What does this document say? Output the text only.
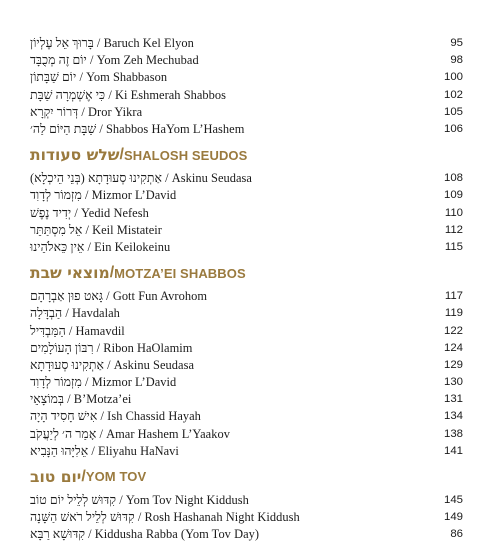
בָּרוּךְ אֵל עֶלְיוֹן / Baruch Kel Elyon	95
יוֹם זֶה מְכֻבָּד / Yom Zeh Mechubad	98
יוֹם שַׁבָּתוֹן / Yom Shabbason	100
כִּי אֶשְׁמְרָה שַׁבָּת / Ki Eshmerah Shabbos	102
דְּרוֹר יִקְרָא / Dror Yikra	105
שַׁבָּת הַיּוֹם לַה׳ / Shabbos HaYom L’Hashem	106
שלש סעודות / SHALOSH SEUDOS
אַתְקִינוּ סְעוּדָתָא (בְּנֵי הֵיכְלָא) / Askinu Seudasa	108
מִזְמוֹר לְדָוִד / Mizmor L’David	109
יְדִיד נֶפֶשׁ / Yedid Nefesh	110
אֵל מִסְתַּתֵּר / Keil Mistateir	112
אֵין כֵּאלֹהֵינוּ / Ein Keilokeinu	115
מוצאי שבת / MOTZA’EI SHABBOS
גָּאט פוּן אַבְרָהָם / Gott Fun Avrohom	117
הַבְדָּלָה / Havdalah	119
הַמַּבְדִּיל / Hamavdil	122
רִבּוֹן הָעוֹלָמִים / Ribon HaOlamim	124
אַתְקִינוּ סְעוּדָתָא / Askinu Seudasa	129
מִזְמוֹר לְדָוִד / Mizmor L’David	130
בְּמוֹצָאֵי / B’Motza’ei	131
אִישׁ חָסִיד הָיָה / Ish Chassid Hayah	134
אָמַר ה׳ לְיַעֲקֹב / Amar Hashem L’Yaakov	138
אֵלִיָּהוּ הַנָּבִיא / Eliyahu HaNavi	141
יום טוב / YOM TOV
קִדּוּשׁ לְלֵיל יוֹם טוֹב / Yom Tov Night Kiddush	145
קִדּוּשׁ לְלֵיל רֹאשׁ הַשָּׁנָה / Rosh Hashanah Night Kiddush	149
קִדּוּשָׁא רַבָּא / Kiddusha Rabba (Yom Tov Day)	86
